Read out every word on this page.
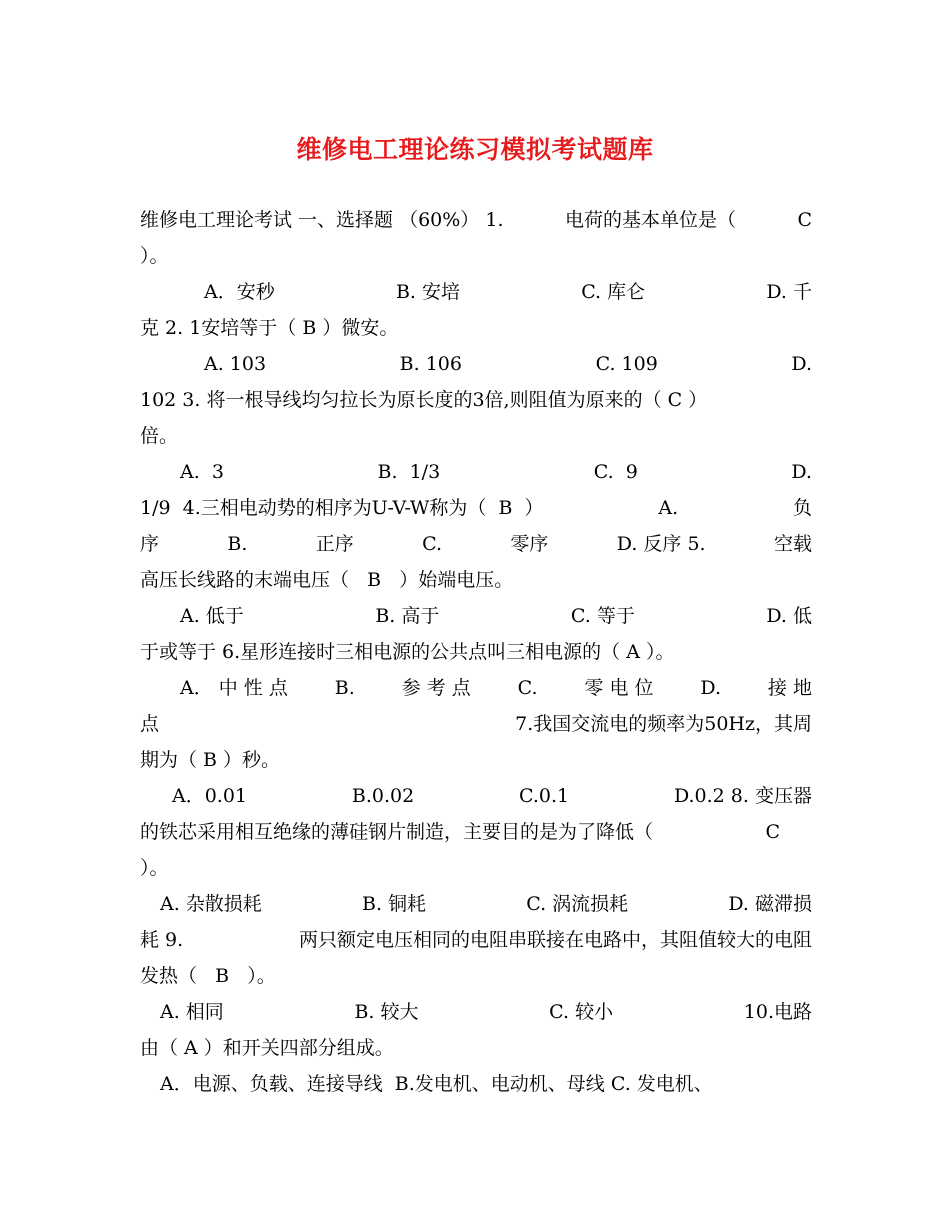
维修电工理论练习模拟考试题库
维修电工理论考试 一、选择题 （60%） 1.	电荷的基本单位是（	C
）。
A．安秒	B. 安培	C. 库仑	D. 千
克 2. 1安培等于（ B ）微安。
A. 103	B. 106	C. 109	D.
102 3. 将一根导线均匀拉长为原长度的3倍,则阻值为原来的（ C ）
倍。
A.  3	B.  1/3	C.  9	D.
1/9  4.三相电动势的相序为U-V-W称为（  B  ）	A.	负
序	B.	正序	C.	零序	D. 反序 5.	空载
高压长线路的末端电压（   B   ）始端电压。
A. 低于	B. 高于	C. 等于	D. 低
于或等于 6.星形连接时三相电源的公共点叫三相电源的（ A ）。
A． 中 性 点 B. 参 考 点 C. 零 电 位 D. 接 地
点	7.我国交流电的频率为50Hz，其周
期为（ B ）秒。
A．0.01	B.0.02	C.0.1	D.0.2 8. 变压器
的铁芯采用相互绝缘的薄硅钢片制造，主要目的是为了降低（	C
）。
A. 杂散损耗	B. 铜耗	C. 涡流损耗	D. 磁滞损
耗 9.	两只额定电压相同的电阻串联接在电路中，其阻值较大的电阻
发热（   B   ）。
A. 相同	B. 较大	C. 较小	10.电路
由（ A ）和开关四部分组成。
A．电源、负载、连接导线  B.发电机、电动机、母线 C. 发电机、
